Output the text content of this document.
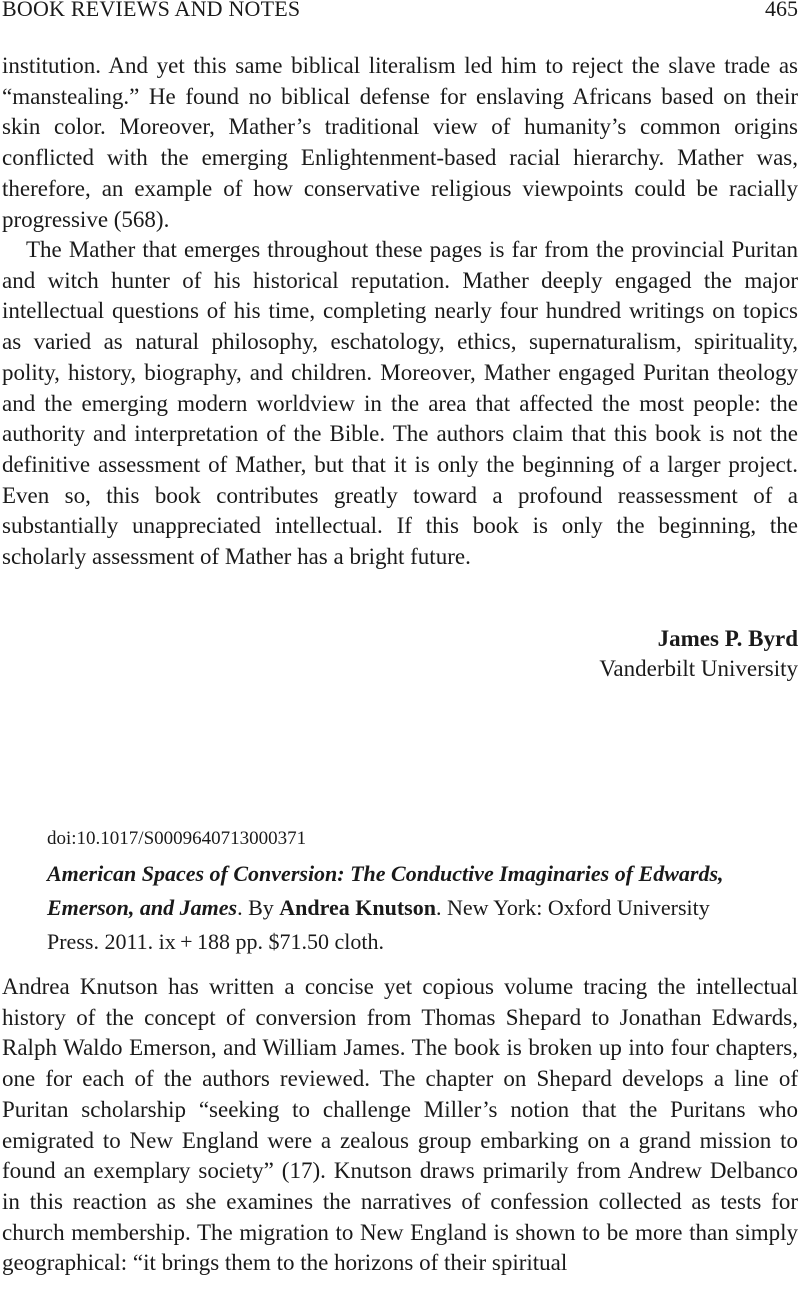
BOOK REVIEWS AND NOTES	465

institution. And yet this same biblical literalism led him to reject the slave trade as “manstealing.” He found no biblical defense for enslaving Africans based on their skin color. Moreover, Mather’s traditional view of humanity’s common origins conflicted with the emerging Enlightenment-based racial hierarchy. Mather was, therefore, an example of how conservative religious viewpoints could be racially progressive (568).

The Mather that emerges throughout these pages is far from the provincial Puritan and witch hunter of his historical reputation. Mather deeply engaged the major intellectual questions of his time, completing nearly four hundred writings on topics as varied as natural philosophy, eschatology, ethics, supernaturalism, spirituality, polity, history, biography, and children. Moreover, Mather engaged Puritan theology and the emerging modern worldview in the area that affected the most people: the authority and interpretation of the Bible. The authors claim that this book is not the definitive assessment of Mather, but that it is only the beginning of a larger project. Even so, this book contributes greatly toward a profound reassessment of a substantially unappreciated intellectual. If this book is only the beginning, the scholarly assessment of Mather has a bright future.

James P. Byrd
Vanderbilt University
doi:10.1017/S0009640713000371
American Spaces of Conversion: The Conductive Imaginaries of Edwards, Emerson, and James. By Andrea Knutson. New York: Oxford University Press. 2011. ix + 188 pp. $71.50 cloth.

Andrea Knutson has written a concise yet copious volume tracing the intellectual history of the concept of conversion from Thomas Shepard to Jonathan Edwards, Ralph Waldo Emerson, and William James. The book is broken up into four chapters, one for each of the authors reviewed. The chapter on Shepard develops a line of Puritan scholarship “seeking to challenge Miller’s notion that the Puritans who emigrated to New England were a zealous group embarking on a grand mission to found an exemplary society” (17). Knutson draws primarily from Andrew Delbanco in this reaction as she examines the narratives of confession collected as tests for church membership. The migration to New England is shown to be more than simply geographical: “it brings them to the horizons of their spiritual
